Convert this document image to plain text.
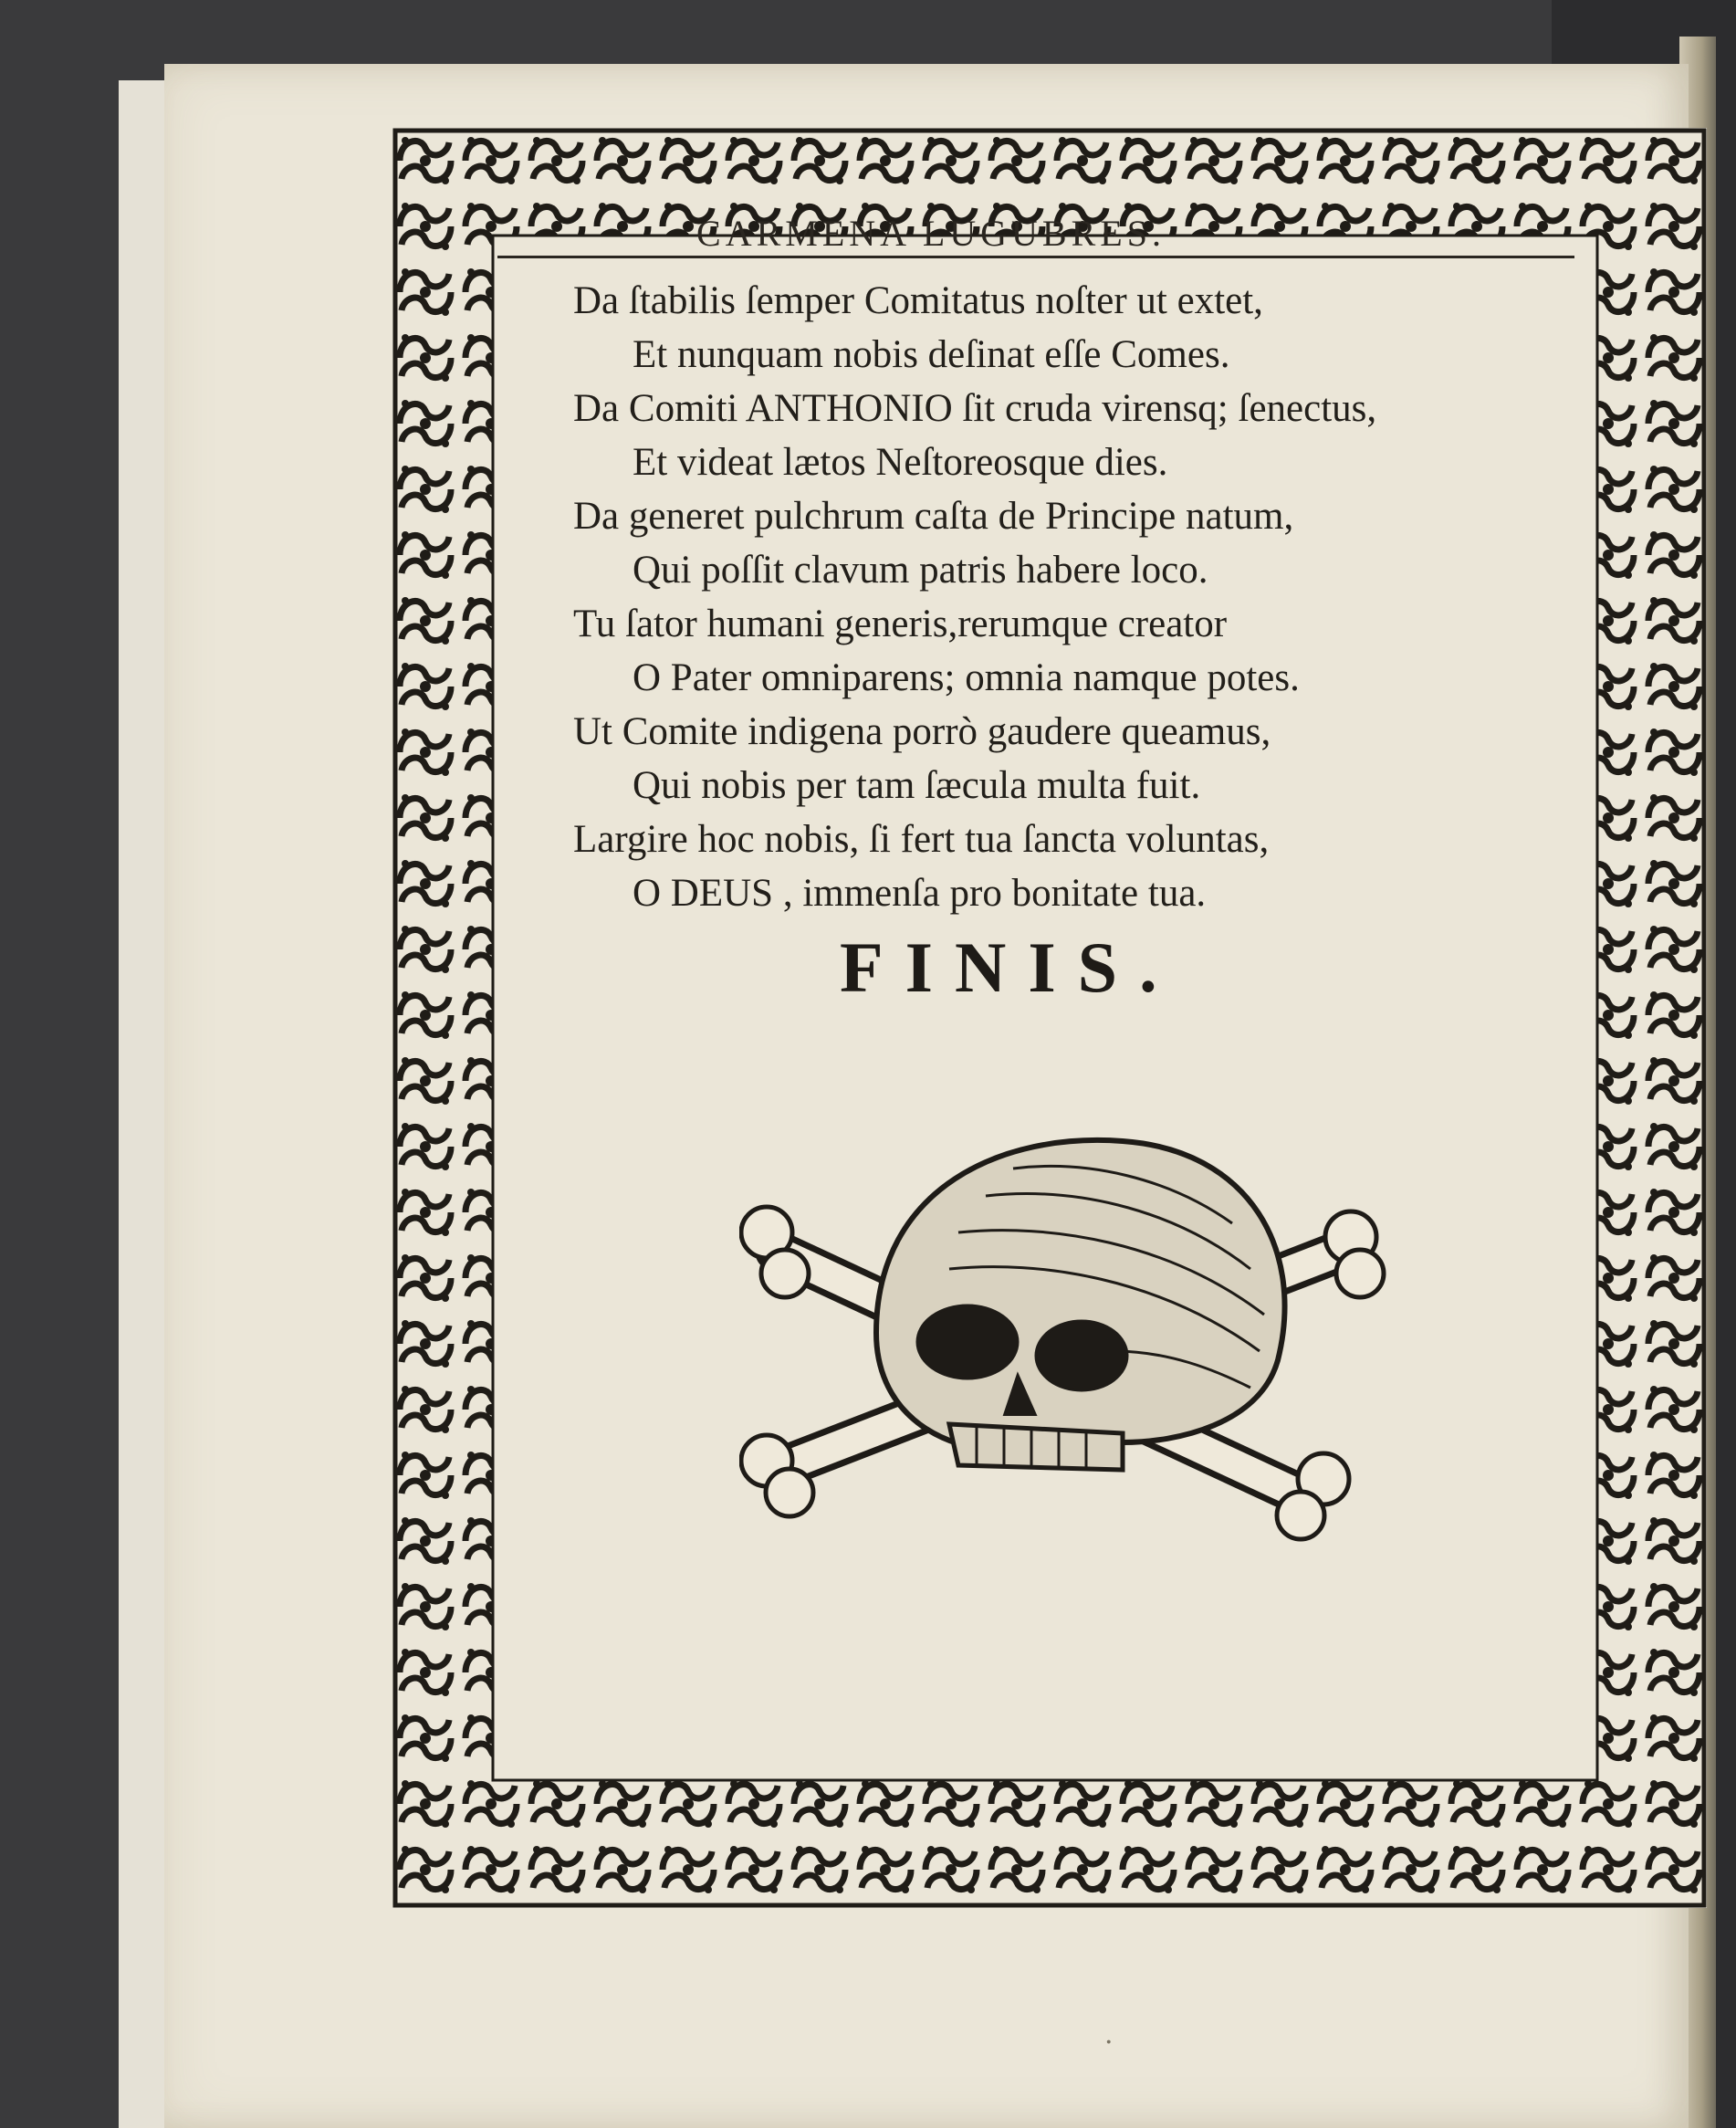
CARMENA LUGUBRES.
Da ſtabilis ſemper Comitatus noſter ut extet,
Et nunquam nobis deſinat eſſe Comes.
Da Comiti ANTHONIO ſit cruda virensq; ſenectus,
Et videat lætos Neſtoreosque dies.
Da generet pulchrum caſta de Principe natum,
Qui poſſit clavum patris habere loco.
Tu ſator humani generis,rerumque creator
O Pater omniparens; omnia namque potes.
Ut Comite indigena porrò gaudere queamus,
Qui nobis per tam ſæcula multa fuit.
Largire hoc nobis, ſi fert tua ſancta voluntas,
O DEUS , immenſa pro bonitate tua.
FINIS.
·
